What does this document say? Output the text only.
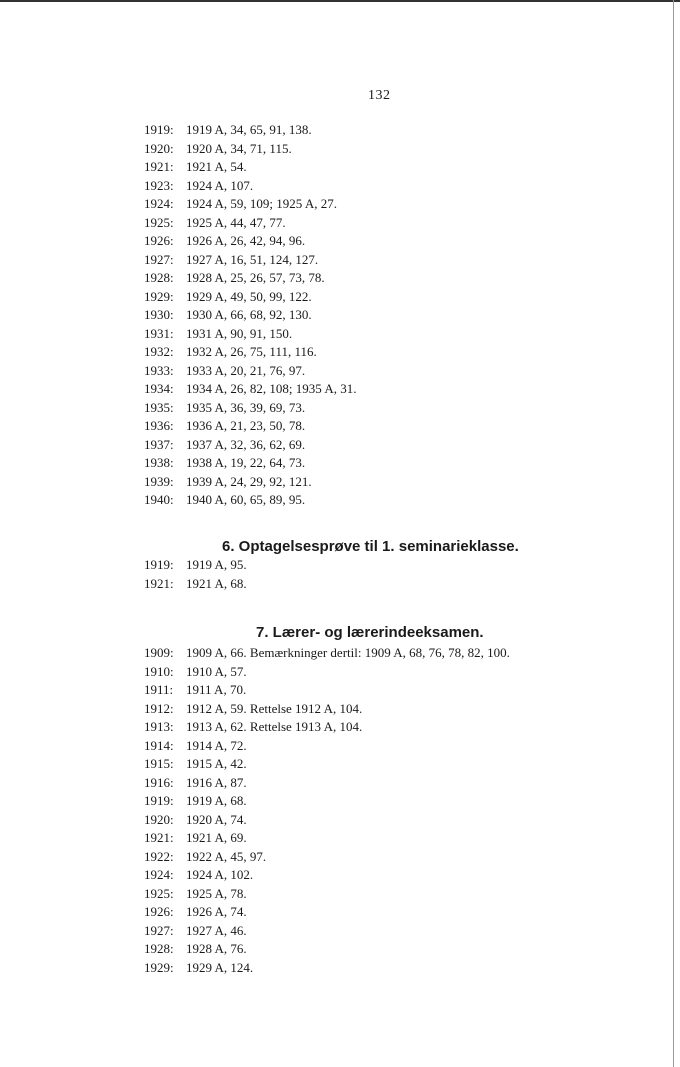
132
1919: 1919 A, 34, 65, 91, 138.
1920: 1920 A, 34, 71, 115.
1921: 1921 A, 54.
1923: 1924 A, 107.
1924: 1924 A, 59, 109; 1925 A, 27.
1925: 1925 A, 44, 47, 77.
1926: 1926 A, 26, 42, 94, 96.
1927: 1927 A, 16, 51, 124, 127.
1928: 1928 A, 25, 26, 57, 73, 78.
1929: 1929 A, 49, 50, 99, 122.
1930: 1930 A, 66, 68, 92, 130.
1931: 1931 A, 90, 91, 150.
1932: 1932 A, 26, 75, 111, 116.
1933: 1933 A, 20, 21, 76, 97.
1934: 1934 A, 26, 82, 108; 1935 A, 31.
1935: 1935 A, 36, 39, 69, 73.
1936: 1936 A, 21, 23, 50, 78.
1937: 1937 A, 32, 36, 62, 69.
1938: 1938 A, 19, 22, 64, 73.
1939: 1939 A, 24, 29, 92, 121.
1940: 1940 A, 60, 65, 89, 95.
6. Optagelsesprøve til 1. seminarieklasse.
1919: 1919 A, 95.
1921: 1921 A, 68.
7. Lærer- og lærerindeeksamen.
1909: 1909 A, 66. Bemærkninger dertil: 1909 A, 68, 76, 78, 82, 100.
1910: 1910 A, 57.
1911: 1911 A, 70.
1912: 1912 A, 59. Rettelse 1912 A, 104.
1913: 1913 A, 62. Rettelse 1913 A, 104.
1914: 1914 A, 72.
1915: 1915 A, 42.
1916: 1916 A, 87.
1919: 1919 A, 68.
1920: 1920 A, 74.
1921: 1921 A, 69.
1922: 1922 A, 45, 97.
1924: 1924 A, 102.
1925: 1925 A, 78.
1926: 1926 A, 74.
1927: 1927 A, 46.
1928: 1928 A, 76.
1929: 1929 A, 124.
